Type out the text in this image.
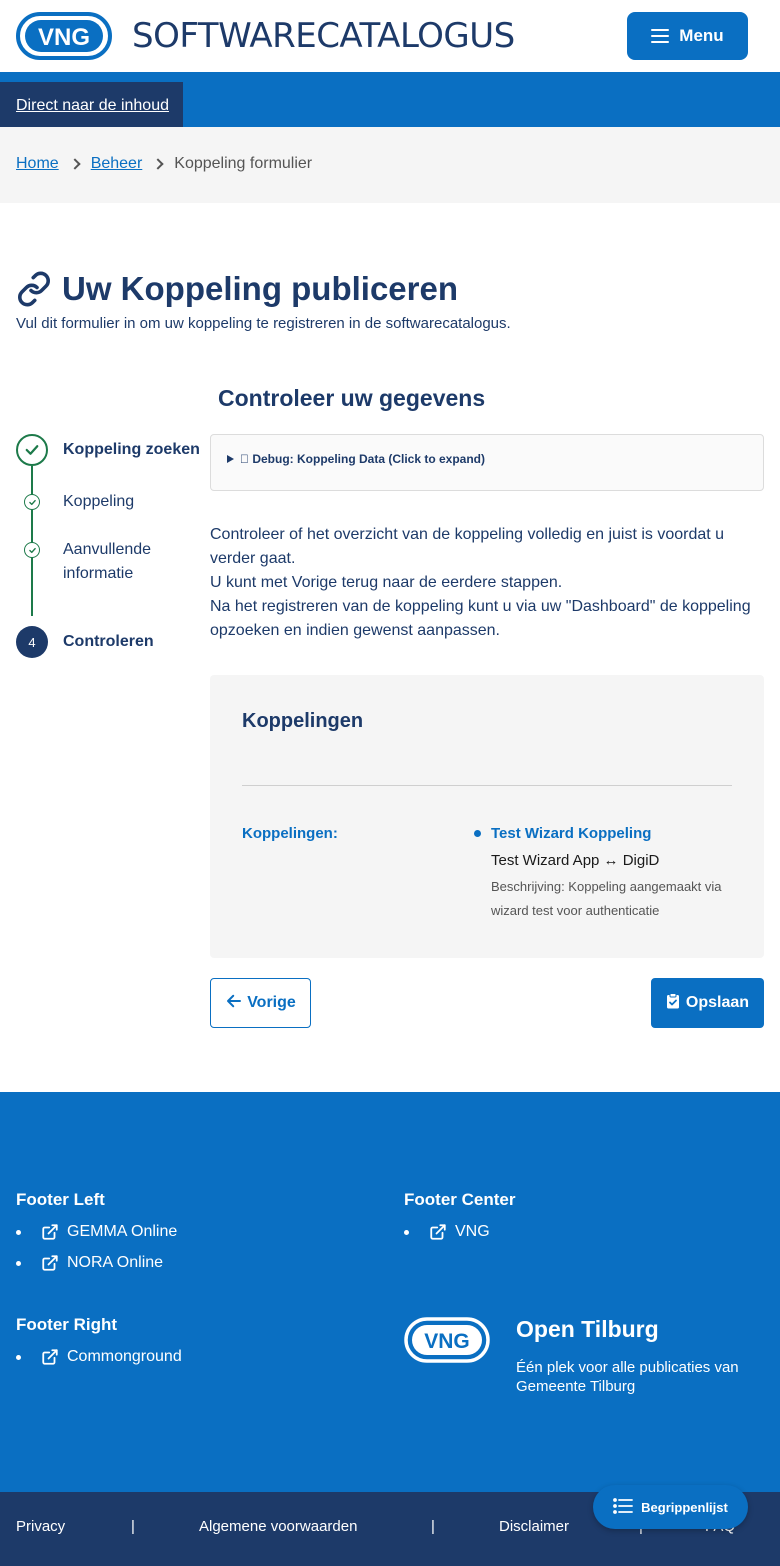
VNG SOFTWARECATALOGUS	Menu
Direct naar de inhoud
Home Beheer Koppeling formulier
Uw Koppeling publiceren

Vul dit formulier in om uw koppeling te registreren in de softwarecatalogus.

Koppeling zoeken
Koppeling
Aanvullende informatie
4	Controleren
Controleer uw gegevens
  Debug: Koppeling Data (Click to expand)

Controleer of het overzicht van de koppeling volledig en juist is voordat u verder gaat.

U kunt met Vorige terug naar de eerdere stappen.

Na het registreren van de koppeling kunt u via uw "Dashboard" de koppeling opzoeken en indien gewenst aanpassen.

Koppelingen
Koppelingen:	Test Wizard Koppeling
Test Wizard App ↔ DigiD
Beschrijving: Koppeling aangemaakt via wizard test voor authenticatie
Vorige	Opslaan
Footer Left
GEMMA Online
NORA Online
Footer Center
VNG
Footer Right
Commonground
VNG Open Tilburg
Één plek voor alle publicaties van Gemeente Tilburg
Privacy	|	Algemene voorwaarden	|	Disclaimer
Begrippenlijst
